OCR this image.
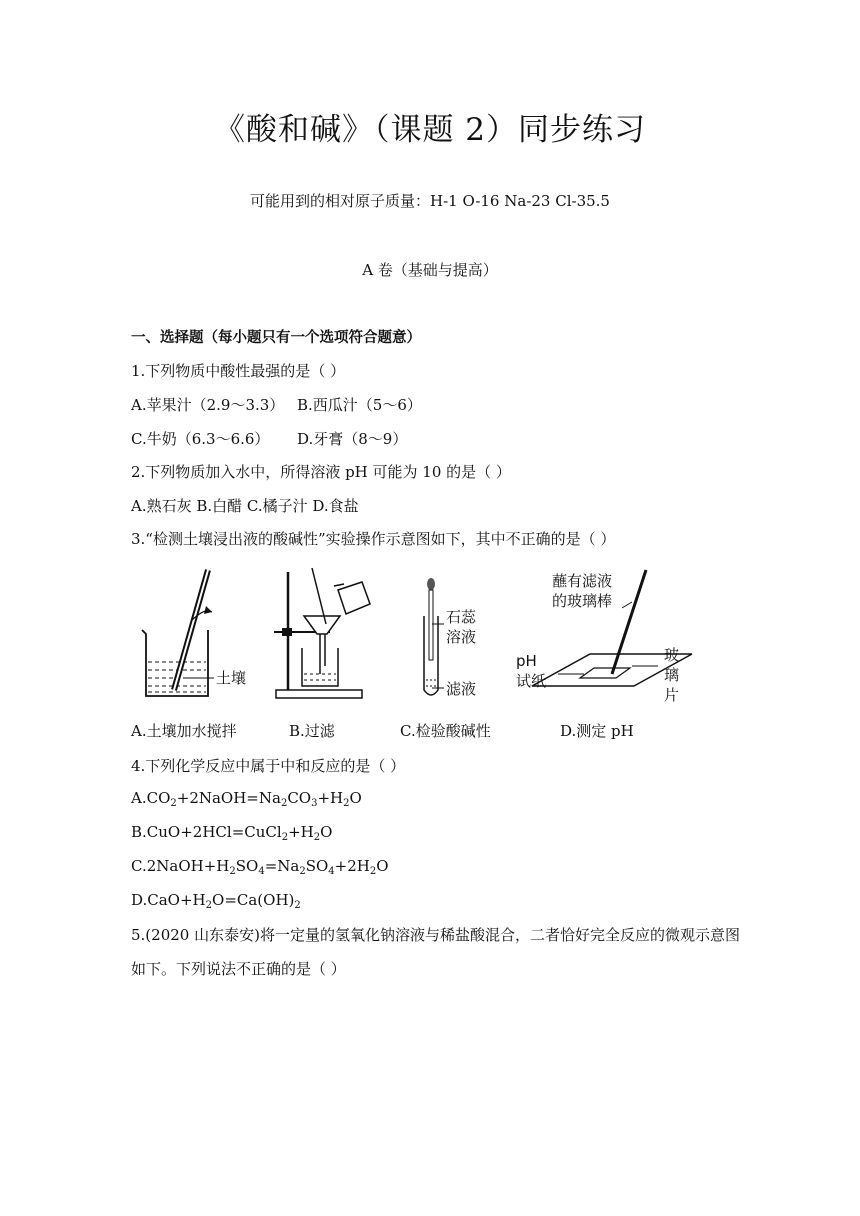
《酸和碱》（课题 2）同步练习
可能用到的相对原子质量：H-1 O-16 Na-23 Cl-35.5
A 卷（基础与提高）
一、选择题（每小题只有一个选项符合题意）
1.下列物质中酸性最强的是（ ）
A.苹果汁（2.9～3.3） B.西瓜汁（5～6）
C.牛奶（6.3～6.6） D.牙膏（8～9）
2.下列物质加入水中，所得溶液 pH 可能为 10 的是（ ）
A.熟石灰 B.白醋 C.橘子汁 D.食盐
3.“检测土壤浸出液的酸碱性”实验操作示意图如下，其中不正确的是（ ）
土壤
石蕊
溶液
滤液
蘸有滤液
的玻璃棒
pH
试纸
玻
璃
片
A.土壤加水搅拌	B.过滤	C.检验酸碱性	D.测定 pH
4.下列化学反应中属于中和反应的是（ ）
$A.CO_2+2NaOH=Na_2CO_3+H_2O$
$B.CuO+2HCl=CuCl_2+H_2O$
$C.2NaOH+H_2SO_4=Na_2SO_4+2H_2O$
$D.CaO+H_2O=Ca(OH)_2$
5.(2020 山东泰安)将一定量的氢氧化钠溶液与稀盐酸混合，二者恰好完全反应的微观示意图
如下。下列说法不正确的是（ ）
